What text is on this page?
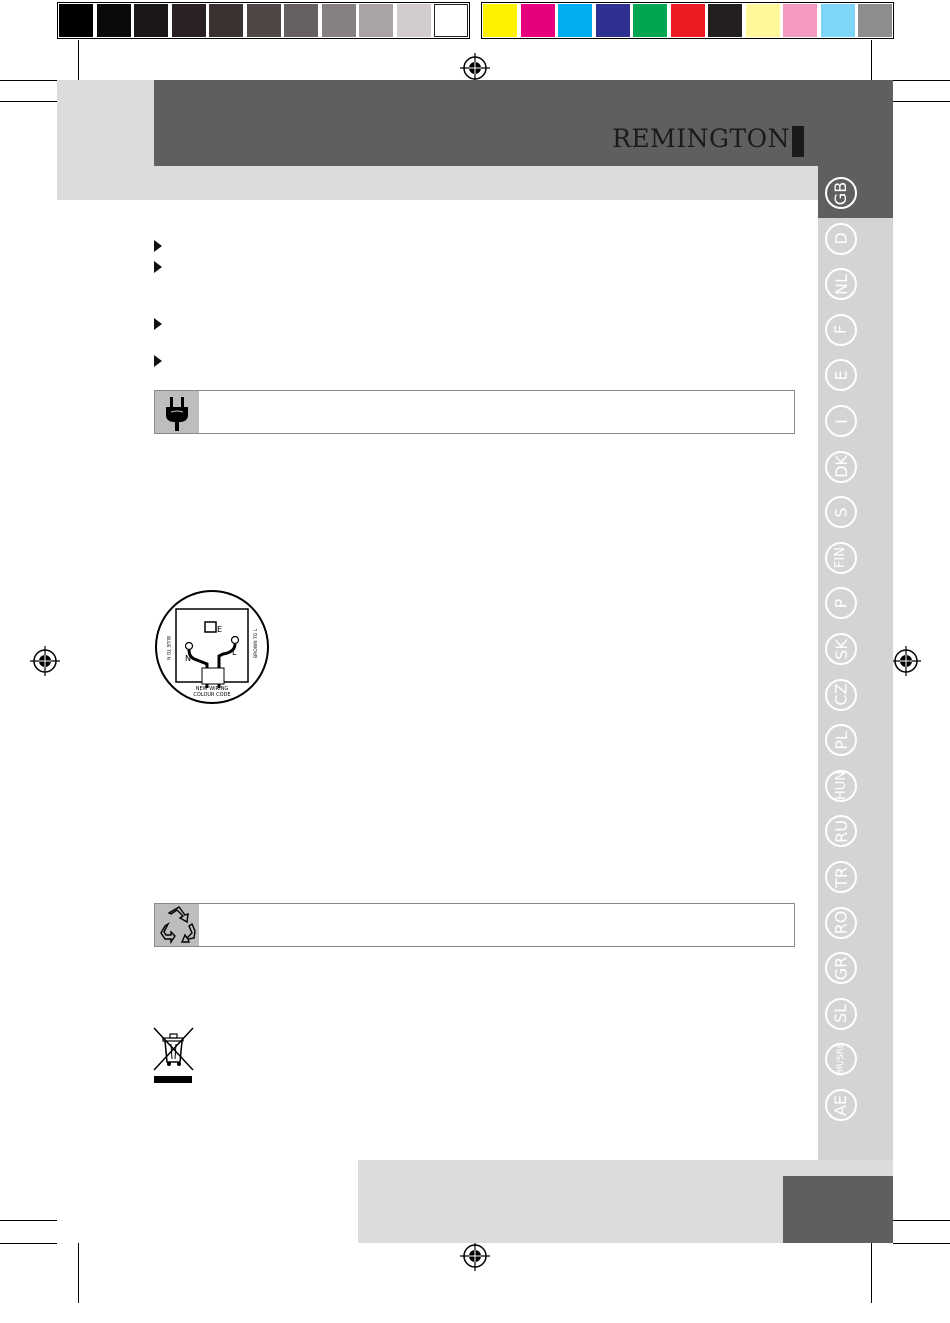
REMINGTON
GB
D
NL
F
E
I
DK
S
FIN
P
SK
CZ
PL
HUN
RU
TR
RO
GR
SL
HR/SRB
AE
E
N
L
NEW WIRING
COLOUR CODE
BLUE TO N	BROWN TO L
